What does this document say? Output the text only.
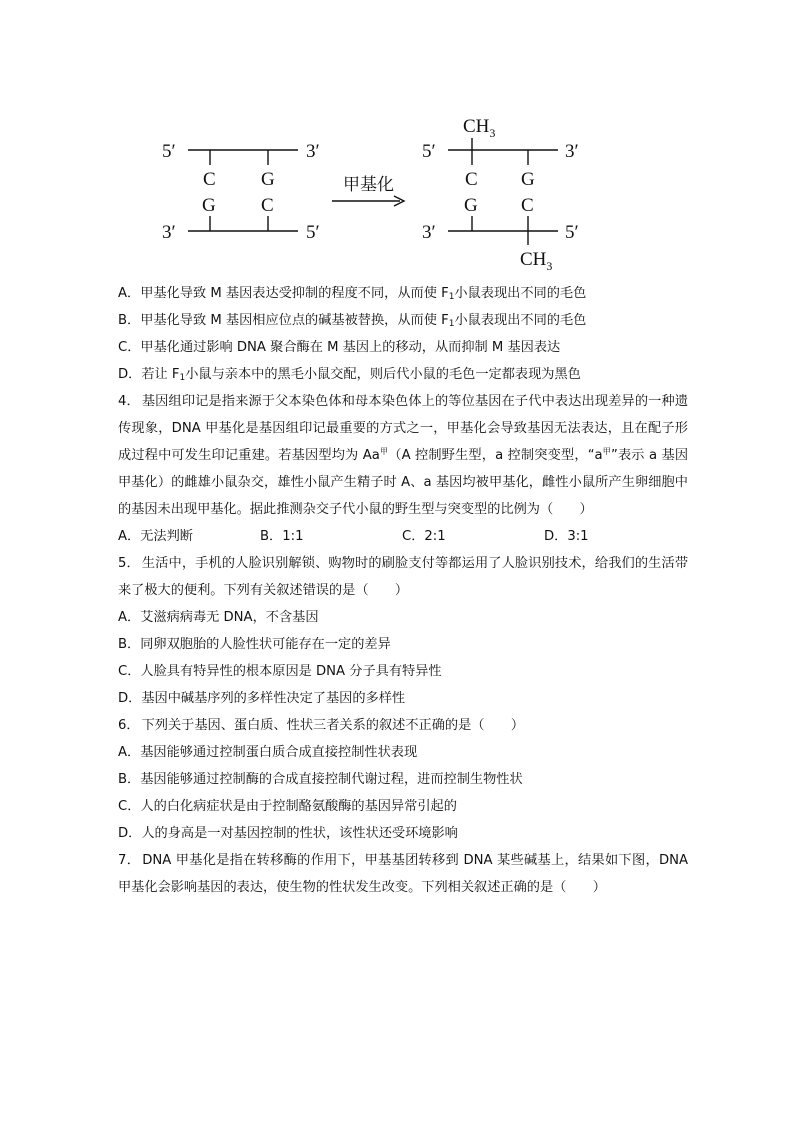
5′	3′
C G
G C
3′	5′
甲基化
$CH_3$
5′	3′
C G
G C
3′	5′
$CH_3$

A．甲基化导致 M 基因表达受抑制的程度不同，从而使 $F_1$小鼠表现出不同的毛色

B．甲基化导致 M 基因相应位点的碱基被替换，从而使 $F_1$小鼠表现出不同的毛色

C．甲基化通过影响 DNA 聚合酶在 M 基因上的移动，从而抑制 M 基因表达

D．若让 $F_1$小鼠与亲本中的黑毛小鼠交配，则后代小鼠的毛色一定都表现为黑色

4． 基因组印记是指来源于父本染色体和母本染色体上的等位基因在子代中表达出现差异的一种遗传现象，DNA 甲基化是基因组印记最重要的方式之一，甲基化会导致基因无法表达，且在配子形成过程中可发生印记重建。若基因型均为 $Aa^甲(A$ 控制野生型，a 控制突变型，“$a^甲$”表示 a 基因甲基化）的雌雄小鼠杂交，雄性小鼠产生精子时 A、a 基因均被甲基化，雌性小鼠所产生卵细胞中的基因未出现甲基化。据此推测杂交子代小鼠的野生型与突变型的比例为（　　）

A．无法判断	B．1:1	C．2:1	D．3:1

5． 生活中，手机的人脸识别解锁、购物时的刷脸支付等都运用了人脸识别技术，给我们的生活带来了极大的便利。下列有关叙述错误的是（　　）

A．艾滋病病毒无 DNA，不含基因

B．同卵双胞胎的人脸性状可能存在一定的差异

C．人脸具有特异性的根本原因是 DNA 分子具有特异性

D．基因中碱基序列的多样性决定了基因的多样性

6． 下列关于基因、蛋白质、性状三者关系的叙述不正确的是（　　）

A．基因能够通过控制蛋白质合成直接控制性状表现

B．基因能够通过控制酶的合成直接控制代谢过程，进而控制生物性状

C．人的白化病症状是由于控制酪氨酸酶的基因异常引起的

D．人的身高是一对基因控制的性状，该性状还受环境影响

7． DNA 甲基化是指在转移酶的作用下，甲基基团转移到 DNA 某些碱基上，结果如下图，DNA 甲基化会影响基因的表达，使生物的性状发生改变。下列相关叙述正确的是（　　）
